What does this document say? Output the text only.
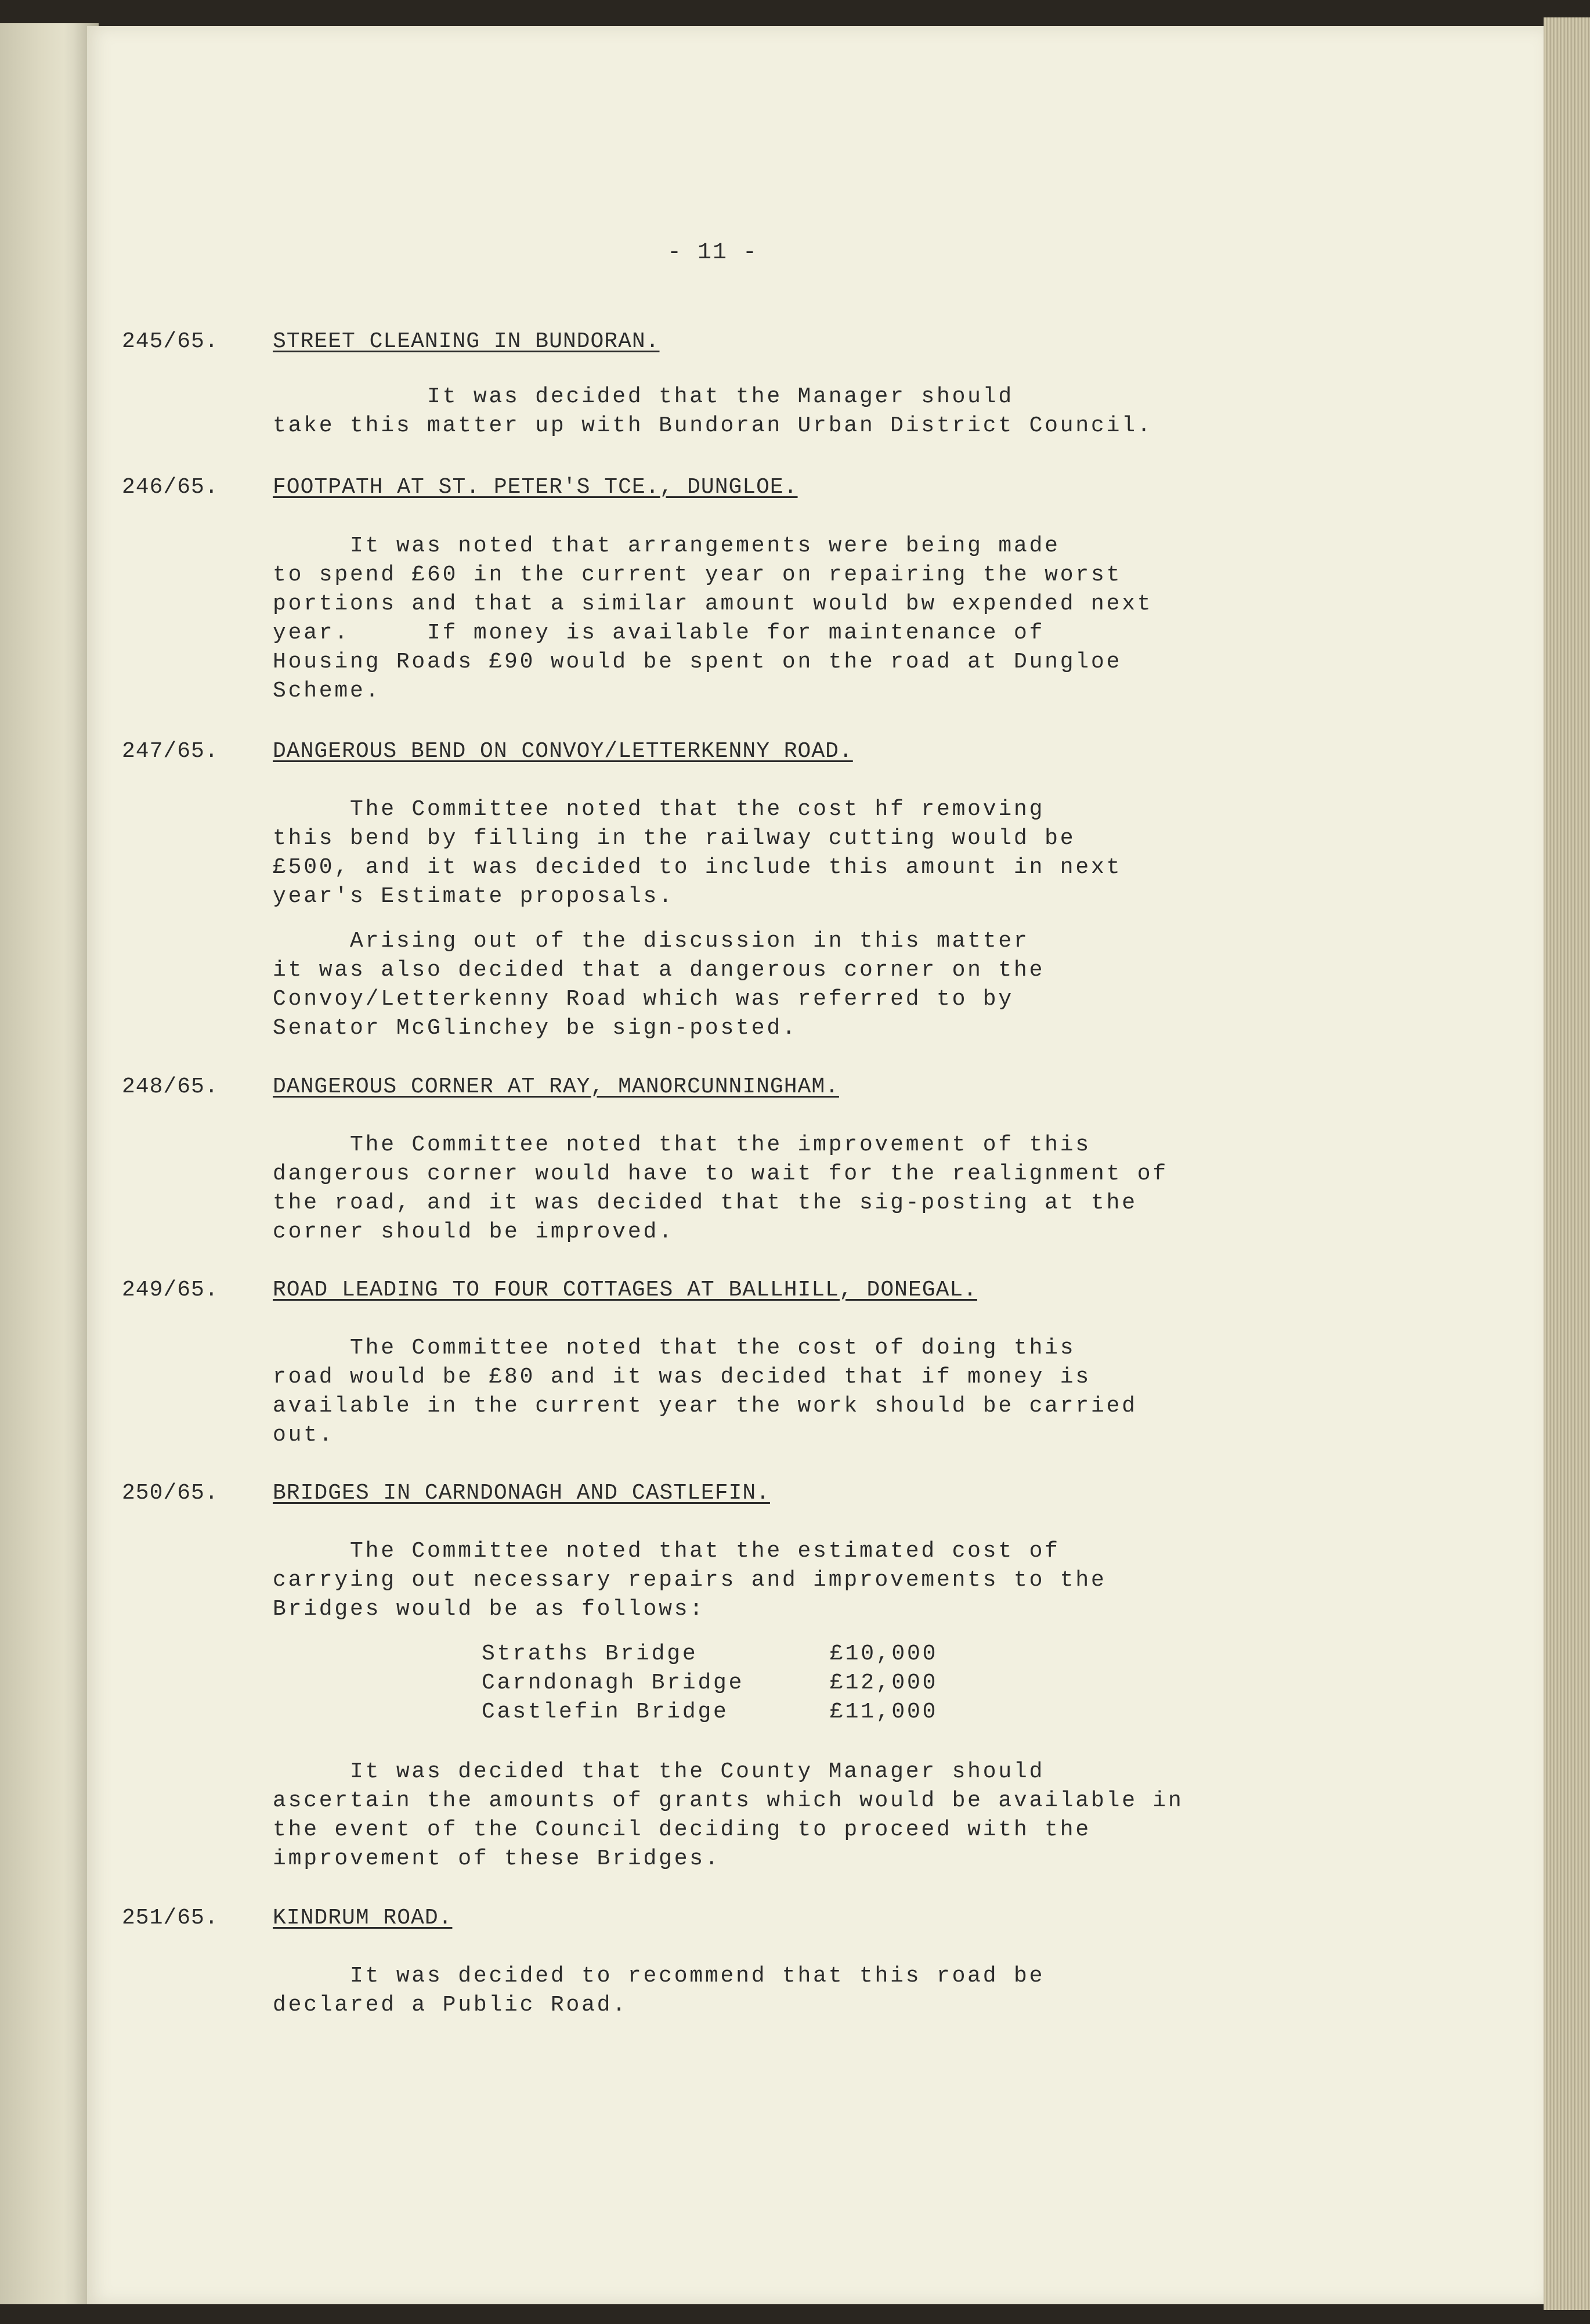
- 11 -
245/65. STREET CLEANING IN BUNDORAN.
It was decided that the Manager should
take this matter up with Bundoran Urban District Council.
246/65. FOOTPATH AT ST. PETER'S TCE., DUNGLOE.
It was noted that arrangements were being made
to spend £60 in the current year on repairing the worst
portions and that a similar amount would bw expended next
year.     If money is available for maintenance of
Housing Roads £90 would be spent on the road at Dungloe
Scheme.
247/65. DANGEROUS BEND ON CONVOY/LETTERKENNY ROAD.
The Committee noted that the cost hf removing
this bend by filling in the railway cutting would be
£500, and it was decided to include this amount in next
year's Estimate proposals.
Arising out of the discussion in this matter
it was also decided that a dangerous corner on the
Convoy/Letterkenny Road which was referred to by
Senator McGlinchey be sign-posted.
248/65. DANGEROUS CORNER AT RAY, MANORCUNNINGHAM.
The Committee noted that the improvement of this
dangerous corner would have to wait for the realignment of
the road, and it was decided that the sig-posting at the
corner should be improved.
249/65. ROAD LEADING TO FOUR COTTAGES AT BALLHILL, DONEGAL.
The Committee noted that the cost of doing this
road would be £80 and it was decided that if money is
available in the current year the work should be carried
out.
250/65. BRIDGES IN CARNDONAGH AND CASTLEFIN.
The Committee noted that the estimated cost of
carrying out necessary repairs and improvements to the
Bridges would be as follows:
Straths Bridge	£10,000
Carndonagh Bridge	£12,000
Castlefin Bridge	£11,000
It was decided that the County Manager should
ascertain the amounts of grants which would be available in
the event of the Council deciding to proceed with the
improvement of these Bridges.
251/65. KINDRUM ROAD.
It was decided to recommend that this road be
declared a Public Road.
